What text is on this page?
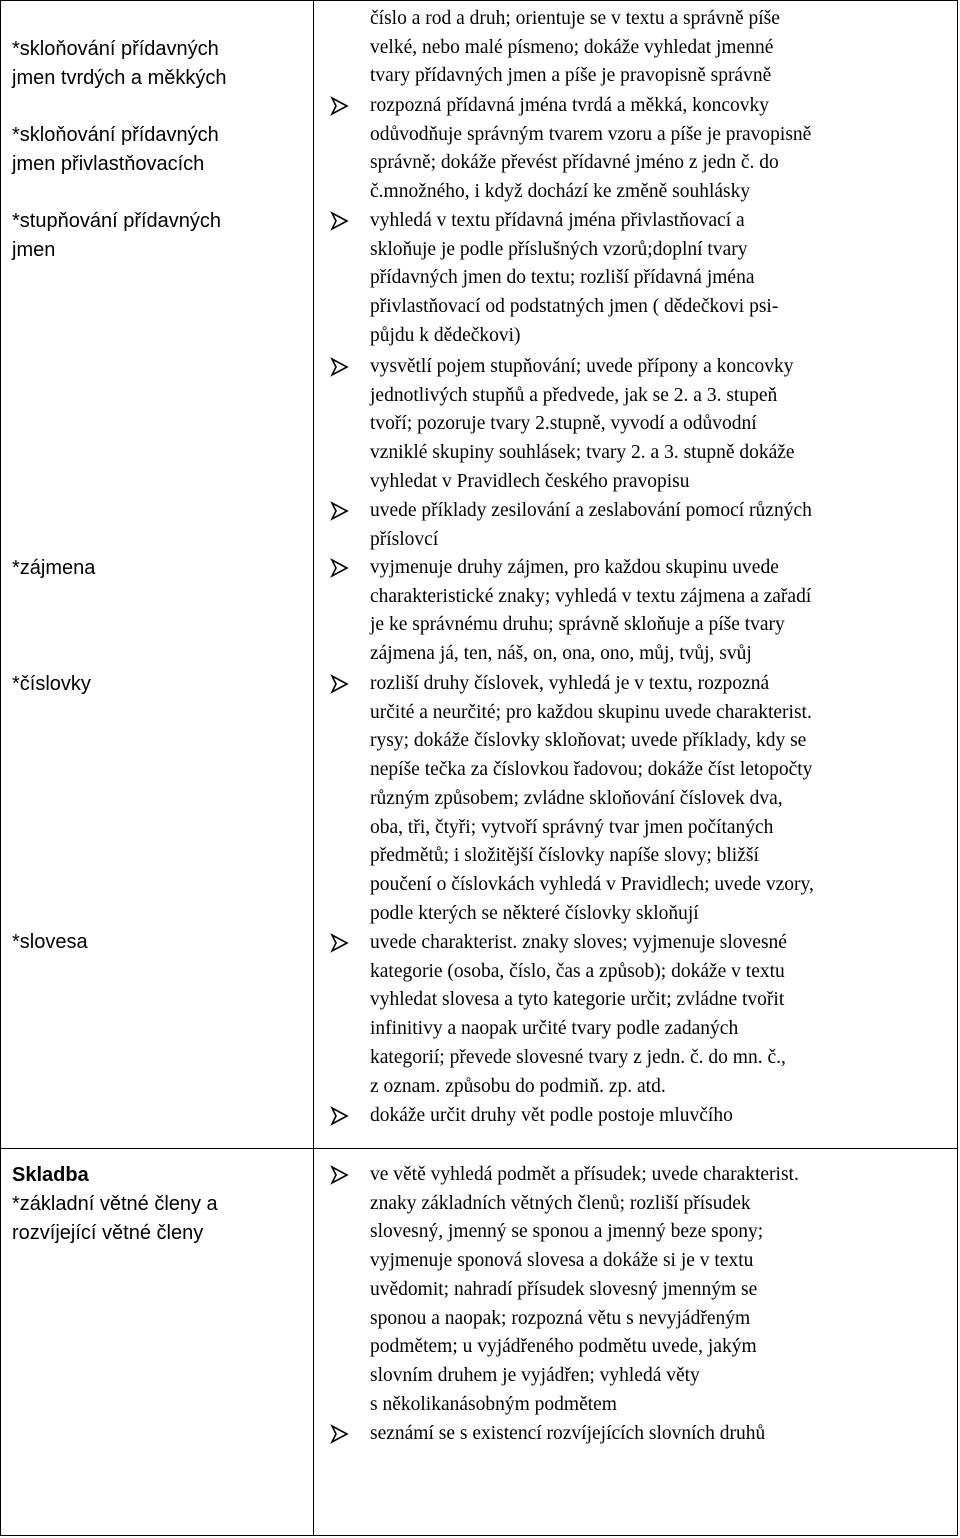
*skloňování přídavných
jmen tvrdých a měkkých
*skloňování přídavných
jmen přivlastňovacích
*stupňování přídavných
jmen
*zájmena
*číslovky
*slovesa
Skladba
*základní větné členy a
rozvíjející větné členy
číslo a rod a druh; orientuje se v textu a správně píše
velké, nebo malé písmeno; dokáže vyhledat jmenné
tvary přídavných jmen a píše je pravopisně správně
rozpozná přídavná jména tvrdá a měkká, koncovky
odůvodňuje správným tvarem vzoru a píše je pravopisně
správně; dokáže převést přídavné jméno z jedn č. do
č.množného, i když dochází ke změně souhlásky
vyhledá v textu přídavná jména přivlastňovací a
skloňuje je podle příslušných vzorů;doplní tvary
přídavných jmen do textu; rozliší přídavná jména
přivlastňovací od podstatných jmen ( dědečkovi psi-
půjdu k dědečkovi)
vysvětlí pojem stupňování; uvede přípony a koncovky
jednotlivých stupňů a předvede, jak se 2. a 3. stupeň
tvoří; pozoruje tvary 2.stupně, vyvodí a odůvodní
vzniklé skupiny souhlásek; tvary 2. a 3. stupně dokáže
vyhledat v Pravidlech českého pravopisu
uvede příklady zesilování a zeslabování pomocí různých
příslovcí
vyjmenuje druhy zájmen, pro každou skupinu uvede
charakteristické znaky; vyhledá v textu zájmena a zařadí
je ke správnému druhu; správně skloňuje a píše tvary
zájmena já, ten, náš, on, ona, ono, můj, tvůj, svůj
rozliší druhy číslovek, vyhledá je v textu, rozpozná
určité a neurčité; pro každou skupinu uvede charakterist.
rysy; dokáže číslovky skloňovat; uvede příklady, kdy se
nepíše tečka za číslovkou řadovou; dokáže číst letopočty
různým způsobem; zvládne skloňování číslovek dva,
oba, tři, čtyři; vytvoří správný tvar jmen počítaných
předmětů; i složitější číslovky napíše slovy; bližší
poučení o číslovkách vyhledá v Pravidlech; uvede vzory,
podle kterých se některé číslovky skloňují
uvede charakterist. znaky sloves; vyjmenuje slovesné
kategorie (osoba, číslo, čas a způsob); dokáže v textu
vyhledat slovesa a tyto kategorie určit; zvládne tvořit
infinitivy a naopak určité tvary podle zadaných
kategorií; převede slovesné tvary z jedn. č. do mn. č.,
z oznam. způsobu do podmiň. zp. atd.
dokáže určit druhy vět podle postoje mluvčího
ve větě vyhledá podmět a přísudek; uvede charakterist.
znaky základních větných členů; rozliší přísudek
slovesný, jmenný se sponou a jmenný beze spony;
vyjmenuje sponová slovesa a dokáže si je v textu
uvědomit; nahradí přísudek slovesný jmenným se
sponou a naopak; rozpozná větu s nevyjádřeným
podmětem; u vyjádřeného podmětu uvede, jakým
slovním druhem je vyjádřen; vyhledá věty
s několikanásobným podmětem
seznámí se s existencí rozvíjejících slovních druhů
